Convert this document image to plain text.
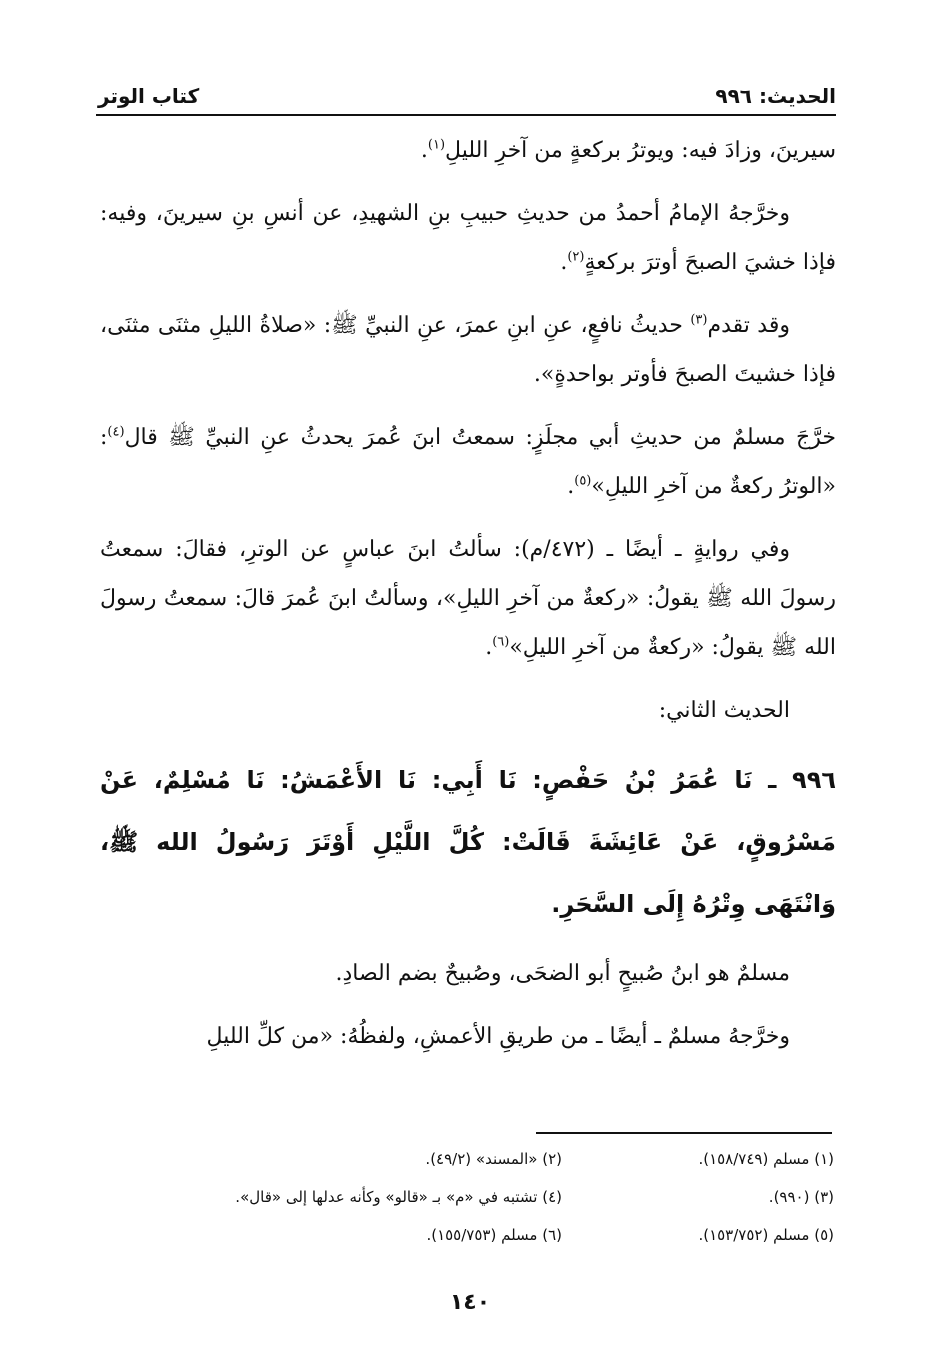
الحديث: ٩٩٦
كتاب الوتر

سيرينَ، وزادَ فيه: ويوترُ بركعةٍ من آخرِ الليلِ$^{(١)}$.

وخرَّجهُ الإمامُ أحمدُ من حديثِ حبيبِ بنِ الشهيدِ، عن أنسِ بنِ سيرينَ، وفيه: فإذا خشيَ الصبحَ أوترَ بركعةٍ$^{(٢)}$.

وقد تقدم$^{(٣)}$ حديثُ نافعٍ، عنِ ابنِ عمرَ، عنِ النبيِّ ﷺ: «صلاةُ الليلِ مثنَى مثنَى، فإذا خشيتَ الصبحَ فأوتر بواحدةٍ».

خرَّجَ مسلمٌ من حديثِ أبي مجلَزٍ: سمعتُ ابنَ عُمرَ يحدثُ عنِ النبيِّ ﷺ قال$^{(٤)}$: «الوترُ ركعةٌ من آخرِ الليلِ»$^{(٥)}$.

وفي روايةٍ ـ أيضًا ـ (٤٧٢/م): سألتُ ابنَ عباسٍ عن الوترِ، فقالَ: سمعتُ رسولَ الله ﷺ يقولُ: «ركعةٌ من آخرِ الليلِ»، وسألتُ ابنَ عُمرَ قالَ: سمعتُ رسولَ الله ﷺ يقولُ: «ركعةٌ من آخرِ الليلِ»$^{(٦)}$.

الحديث الثاني:

٩٩٦ ـ نَا عُمَرُ بْنُ حَفْصٍ: نَا أَبِي: نَا الأَعْمَشُ: نَا مُسْلِمٌ، عَنْ مَسْرُوقٍ، عَنْ عَائِشَةَ قَالَتْ: كُلَّ اللَّيْلِ أَوْتَرَ رَسُولُ الله ﷺ، وَانْتَهَى وِتْرُهُ إِلَى السَّحَرِ.

مسلمٌ هو ابنُ صُبيحٍ أبو الضحَى، وصُبيحٌ بضم الصادِ.

وخرَّجهُ مسلمٌ ـ أيضًا ـ من طريقِ الأعمشِ، ولفظُهُ: «من كلِّ الليلِ

(١) مسلم (١٥٨/٧٤٩).
(٢) «المسند» (٤٩/٢).
(٣) (٩٩٠).
(٤) تشتبه في «م» بـ «قالو» وكأنه عدلها إلى «قال».
(٥) مسلم (١٥٣/٧٥٢).
(٦) مسلم (١٥٥/٧٥٣).
١٤٠
